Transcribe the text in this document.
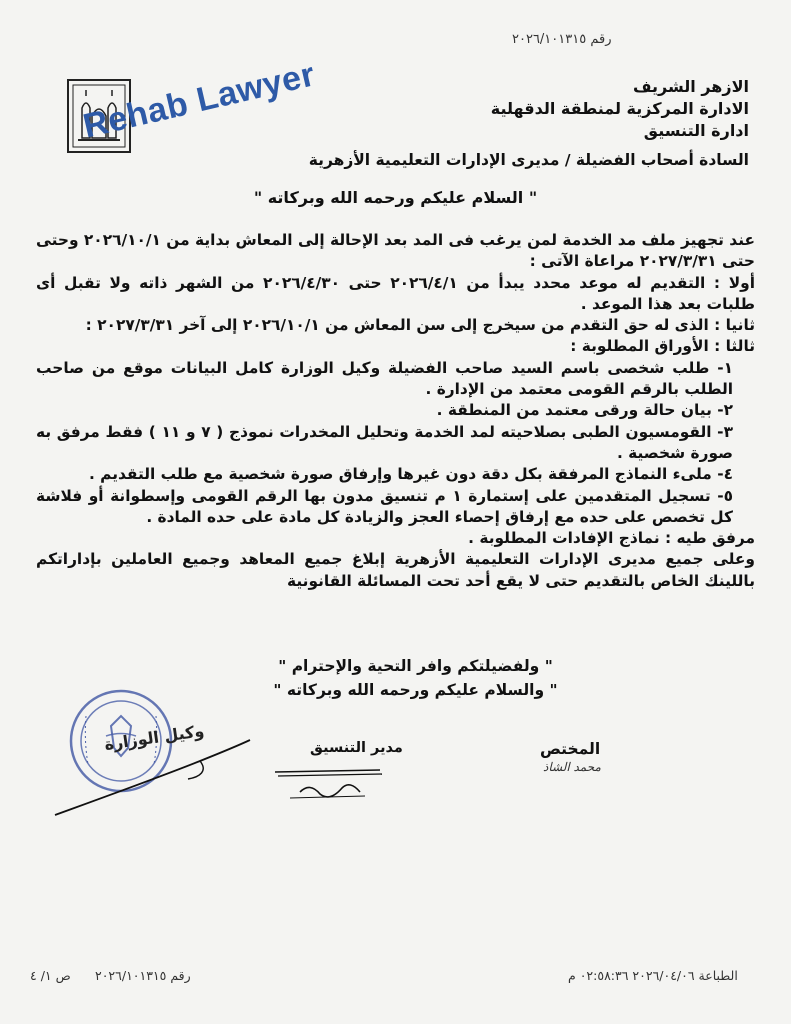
رقم ٢٠٢٦/١٠١٣١٥
الازهر الشريف
الادارة المركزية لمنطقة الدقهلية
ادارة التنسيق
Rehab Lawyer
السادة أصحاب الفضيلة / مديرى الإدارات التعليمية الأزهرية
" السلام عليكم ورحمه الله وبركاته "

عند تجهيز ملف مد الخدمة لمن يرغب فى المد بعد الإحالة إلى المعاش بداية من ٢٠٢٦/١٠/١ وحتى حتى ٢٠٢٧/٣/٣١ مراعاة الآتى :

أولا : التقديم له موعد محدد يبدأ من ٢٠٢٦/٤/١ حتى ٢٠٢٦/٤/٣٠ من الشهر ذاته ولا تقبل أى طلبات بعد هذا الموعد .

ثانيا : الذى له حق التقدم من سيخرج إلى سن المعاش من ٢٠٢٦/١٠/١ إلى آخر ٢٠٢٧/٣/٣١ :

ثالثا : الأوراق المطلوبة :

١- طلب شخصى باسم السيد صاحب الفضيلة وكيل الوزارة كامل البيانات موقع من صاحب الطلب بالرقم القومى معتمد من الإدارة .

٢- بيان حالة ورقى معتمد من المنطقة .

٣- القومسيون الطبى بصلاحيته لمد الخدمة وتحليل المخدرات نموذج ( ٧ و ١١ ) فقط مرفق به صورة شخصية .

٤- ملىء النماذج المرفقة بكل دقة دون غيرها وإرفاق صورة شخصية مع طلب التقديم .

٥- تسجيل المتقدمين على إستمارة ١ م تنسيق مدون بها الرقم القومى وإسطوانة أو فلاشة كل تخصص على حده مع إرفاق إحصاء العجز والزيادة كل مادة على حده المادة .

مرفق طيه : نماذج الإفادات المطلوبة .

وعلى جميع مديرى الإدارات التعليمية الأزهرية إبلاغ جميع المعاهد وجميع العاملين بإداراتكم باللينك الخاص بالتقديم حتى لا يقع أحد تحت المسائلة القانونية

" ولفضيلتكم وافر التحية والإحترام "
" والسلام عليكم ورحمه الله وبركاته "
وكيل الوزارة	مدير التنسيق	المختص
محمد الشاذ
الطباعة ٢٠٢٦/٠٤/٠٦ ٠٢:٥٨:٣٦ م
رقم ٢٠٢٦/١٠١٣١٥
ص ١/ ٤
